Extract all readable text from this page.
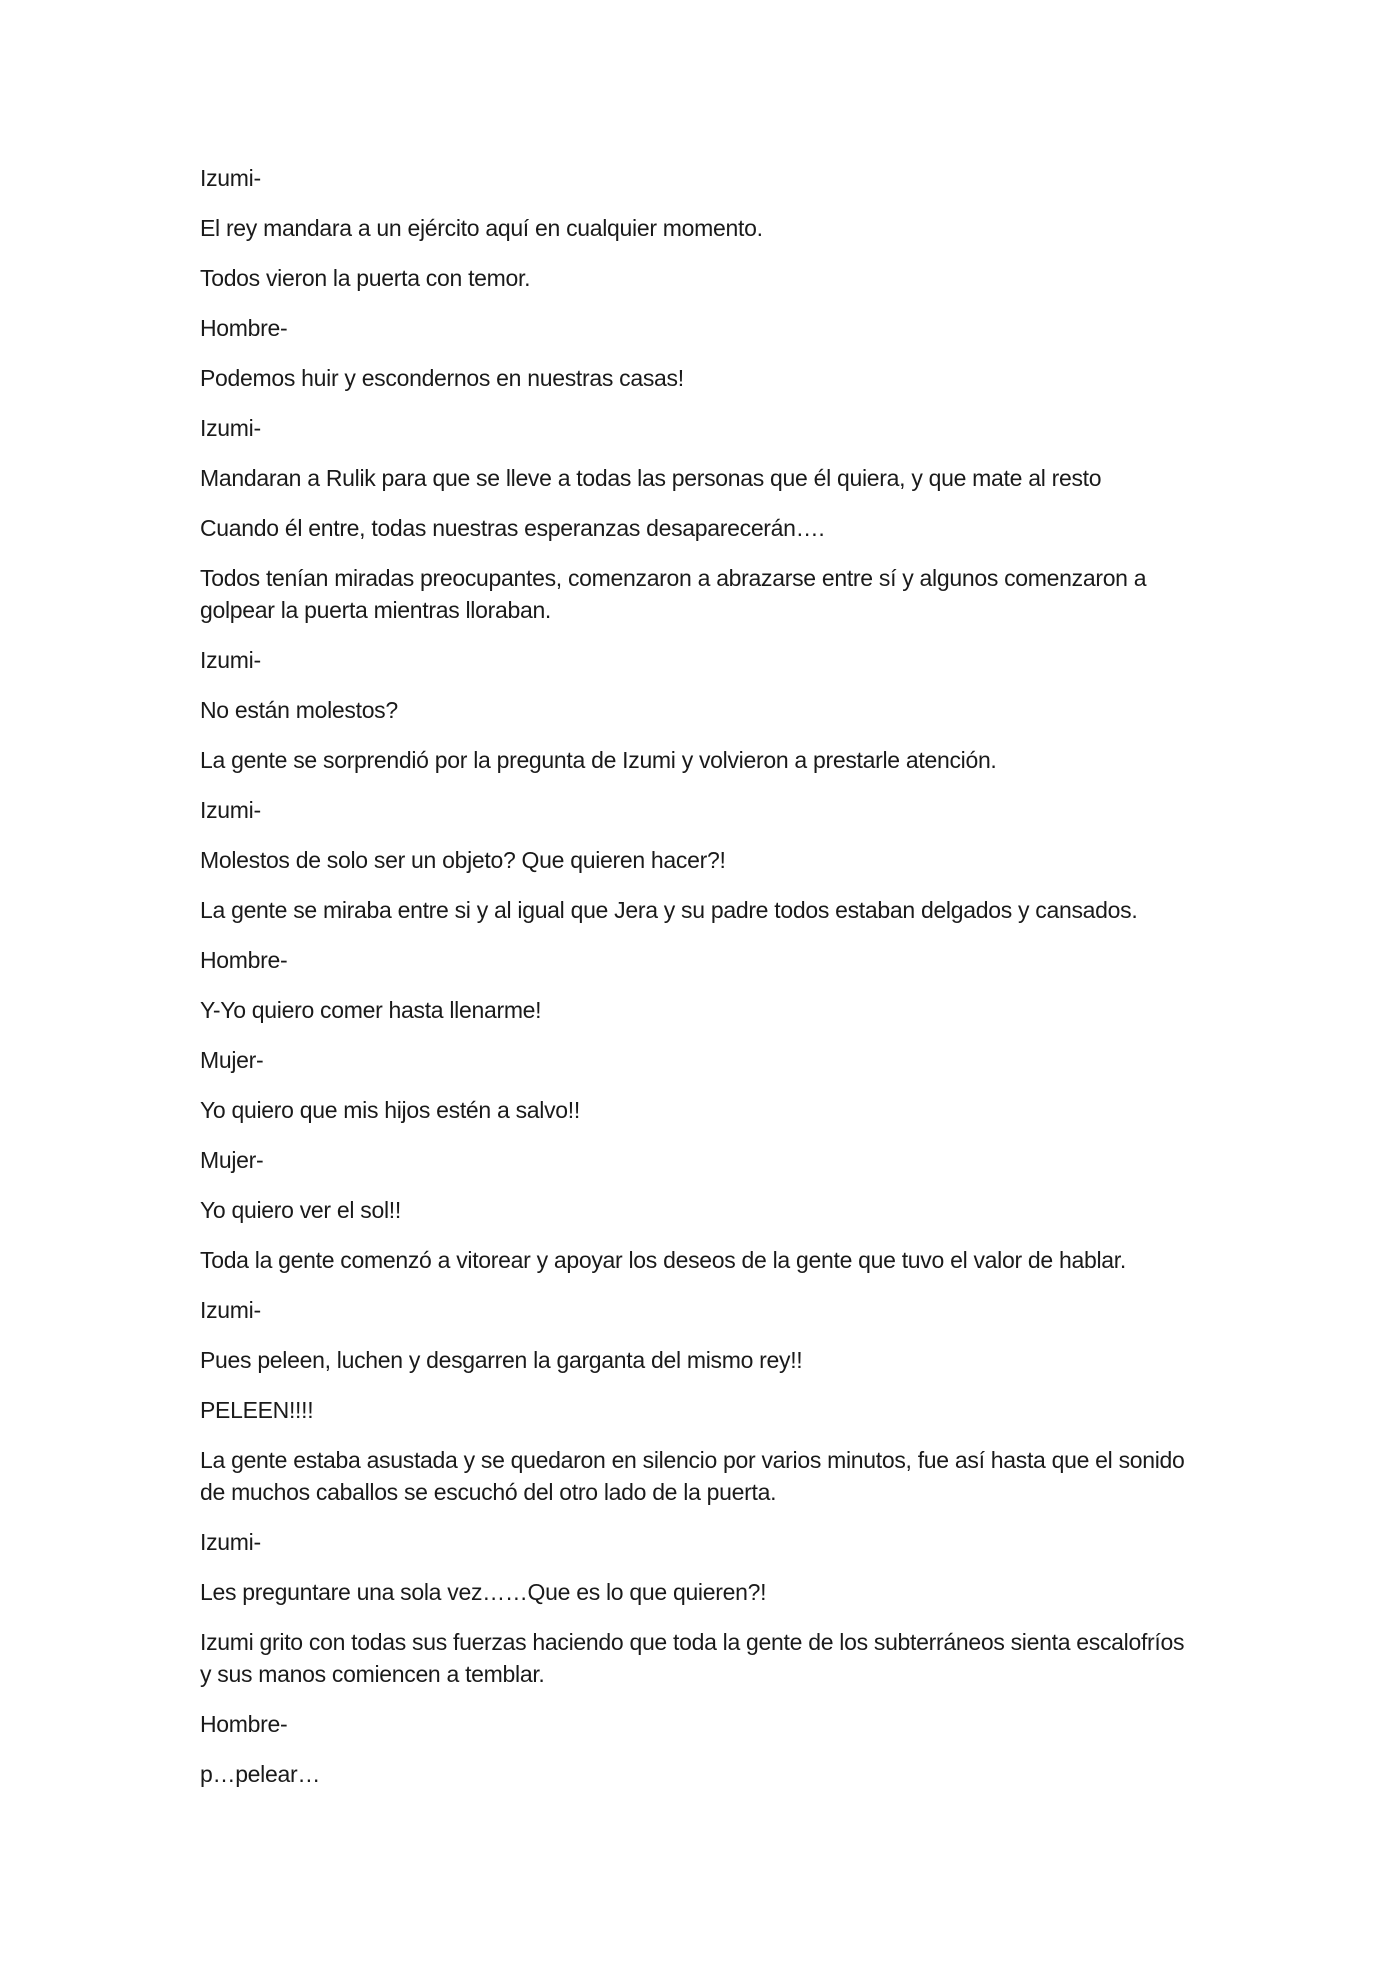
Izumi-

El rey mandara a un ejército aquí en cualquier momento.

Todos vieron la puerta con temor.

Hombre-

Podemos huir y escondernos en nuestras casas!

Izumi-

Mandaran a Rulik para que se lleve a todas las personas que él quiera, y que mate al resto

Cuando él entre, todas nuestras esperanzas desaparecerán….

Todos tenían miradas preocupantes, comenzaron a abrazarse entre sí y algunos comenzaron a golpear la puerta mientras lloraban.

Izumi-

No están molestos?

La gente se sorprendió por la pregunta de Izumi y volvieron a prestarle atención.

Izumi-

Molestos de solo ser un objeto? Que quieren hacer?!

La gente se miraba entre si y al igual que Jera y su padre todos estaban delgados y cansados.

Hombre-

Y-Yo quiero comer hasta llenarme!

Mujer-

Yo quiero que mis hijos estén a salvo!!

Mujer-

Yo quiero ver el sol!!

Toda la gente comenzó a vitorear y apoyar los deseos de la gente que tuvo el valor de hablar.

Izumi-

Pues peleen, luchen y desgarren la garganta del mismo rey!!

PELEEN!!!!

La gente estaba asustada y se quedaron en silencio por varios minutos, fue así hasta que el sonido de muchos caballos se escuchó del otro lado de la puerta.

Izumi-

Les preguntare una sola vez……Que es lo que quieren?!

Izumi grito con todas sus fuerzas haciendo que toda la gente de los subterráneos sienta escalofríos y sus manos comiencen a temblar.

Hombre-

p…pelear…
